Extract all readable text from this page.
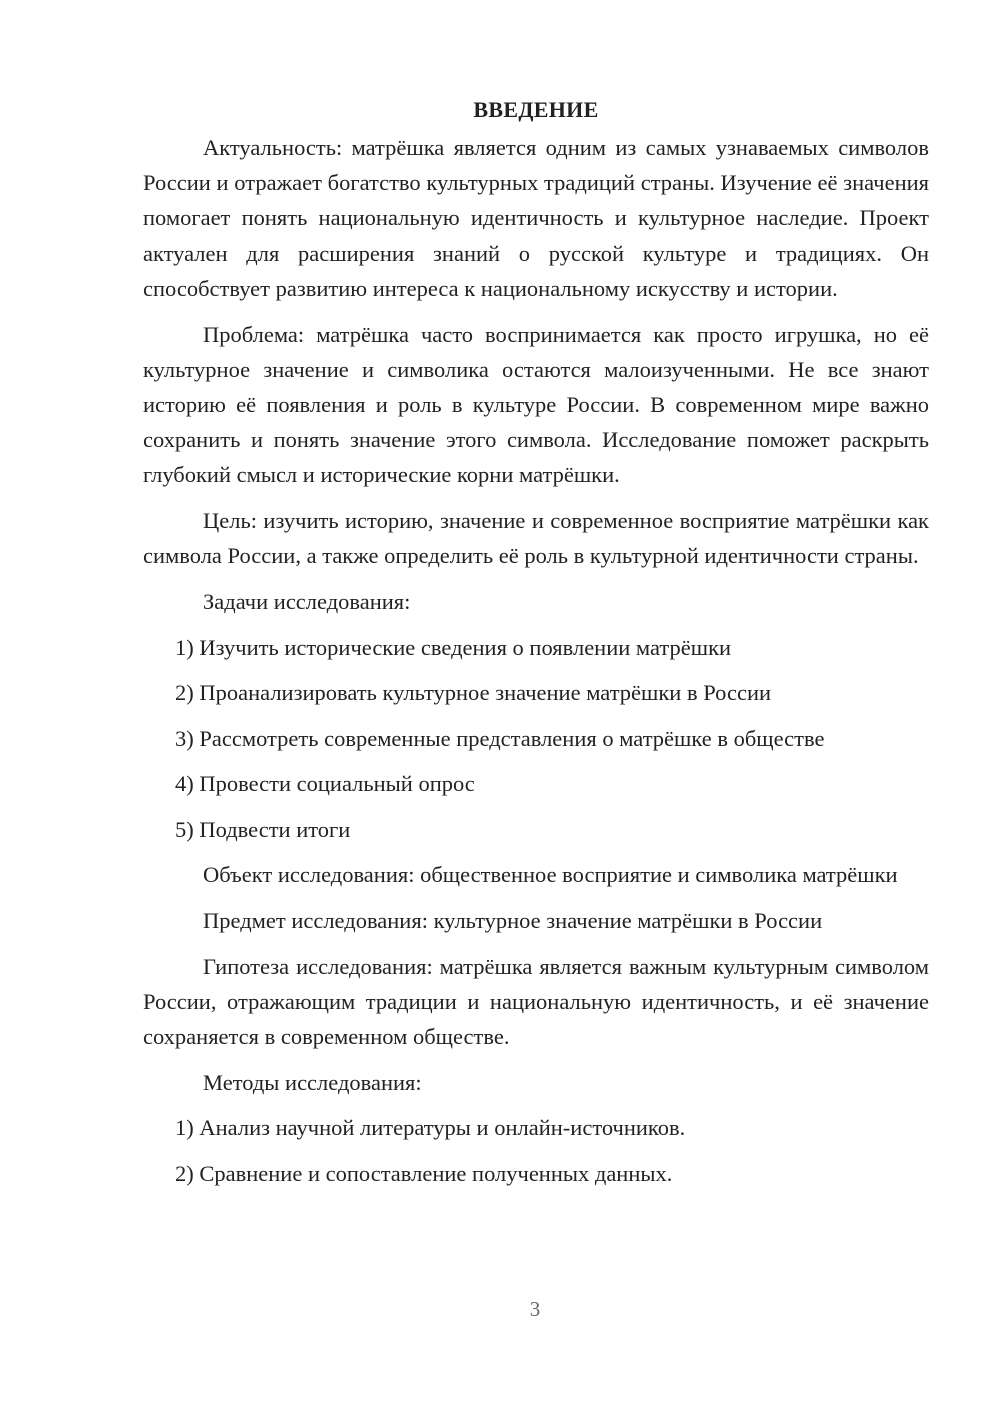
ВВЕДЕНИЕ

Актуальность: матрёшка является одним из самых узнаваемых символов России и отражает богатство культурных традиций страны. Изучение её значения помогает понять национальную идентичность и культурное наследие. Проект актуален для расширения знаний о русской культуре и традициях. Он способствует развитию интереса к национальному искусству и истории.

Проблема: матрёшка часто воспринимается как просто игрушка, но её культурное значение и символика остаются малоизученными. Не все знают историю её появления и роль в культуре России. В современном мире важно сохранить и понять значение этого символа. Исследование поможет раскрыть глубокий смысл и исторические корни матрёшки.

Цель: изучить историю, значение и современное восприятие матрёшки как символа России, а также определить её роль в культурной идентичности страны.

Задачи исследования:

1) Изучить исторические сведения о появлении матрёшки
2) Проанализировать культурное значение матрёшки в России
3) Рассмотреть современные представления о матрёшке в обществе
4) Провести социальный опрос
5) Подвести итоги

Объект исследования: общественное восприятие и символика матрёшки

Предмет исследования: культурное значение матрёшки в России

Гипотеза исследования: матрёшка является важным культурным символом России, отражающим традиции и национальную идентичность, и её значение сохраняется в современном обществе.

Методы исследования:

1) Анализ научной литературы и онлайн-источников.
2) Сравнение и сопоставление полученных данных.
3
